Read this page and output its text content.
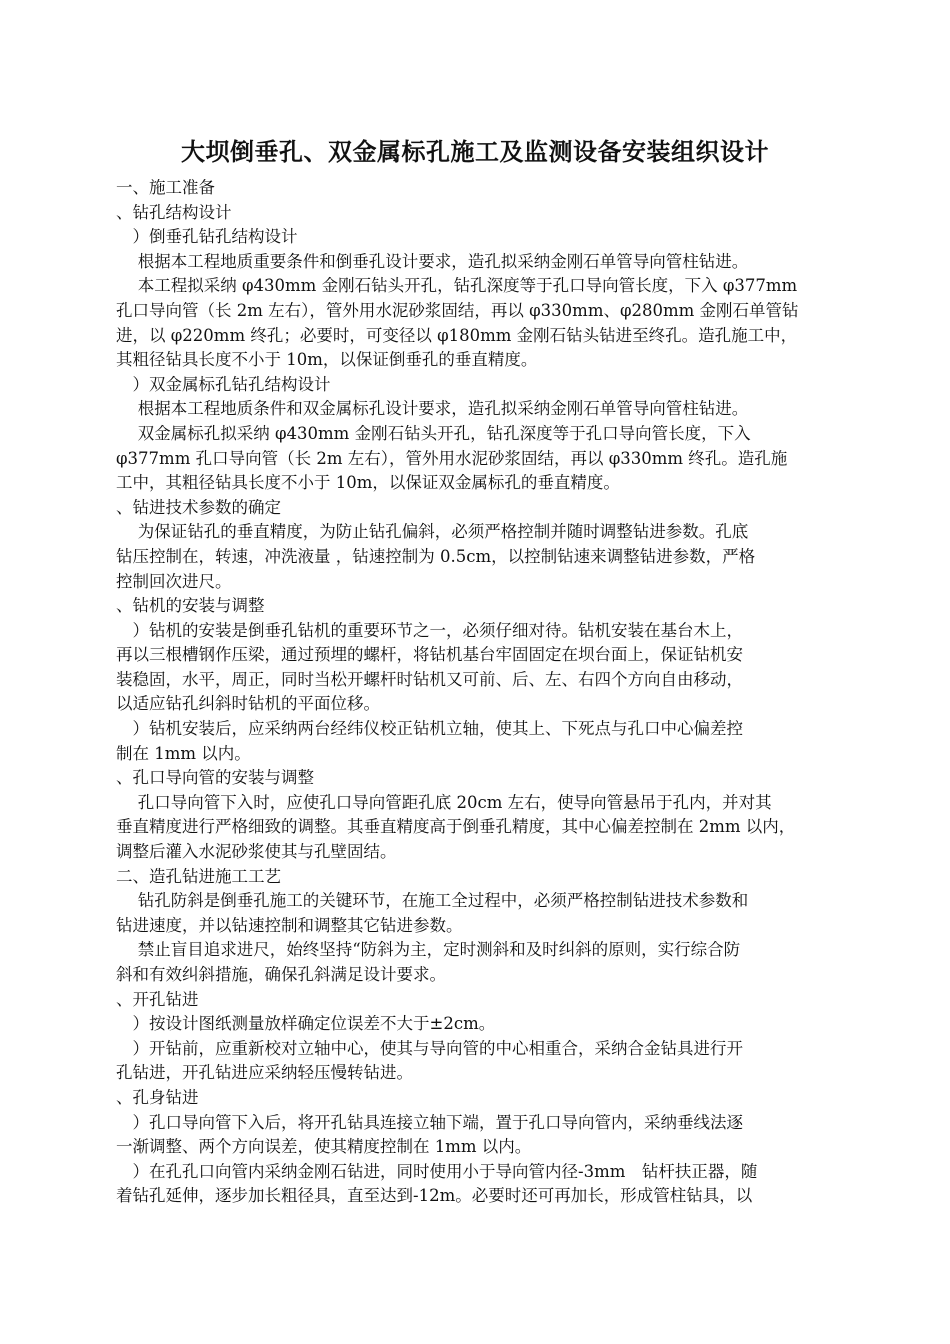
大坝倒垂孔、双金属标孔施工及监测设备安装组织设计
一、施工准备
、钻孔结构设计
　）倒垂孔钻孔结构设计
　 根据本工程地质重要条件和倒垂孔设计要求，造孔拟采纳金刚石单管导向管柱钻进。
　 本工程拟采纳 φ430mm 金刚石钻头开孔，钻孔深度等于孔口导向管长度，下入 φ377mm
孔口导向管（长 2m 左右），管外用水泥砂浆固结，再以 φ330mm、φ280mm 金刚石单管钻
进，以 φ220mm 终孔；必要时，可变径以 φ180mm 金刚石钻头钻进至终孔。造孔施工中，
其粗径钻具长度不小于 10m，以保证倒垂孔的垂直精度。
　）双金属标孔钻孔结构设计
　 根据本工程地质条件和双金属标孔设计要求，造孔拟采纳金刚石单管导向管柱钻进。
　 双金属标孔拟采纳 φ430mm 金刚石钻头开孔，钻孔深度等于孔口导向管长度，下入
φ377mm 孔口导向管（长 2m 左右），管外用水泥砂浆固结，再以 φ330mm 终孔。造孔施
工中，其粗径钻具长度不小于 10m，以保证双金属标孔的垂直精度。
、钻进技术参数的确定
　 为保证钻孔的垂直精度，为防止钻孔偏斜，必须严格控制并随时调整钻进参数。孔底
钻压控制在，转速，冲洗液量 ，钻速控制为 0.5cm，以控制钻速来调整钻进参数，严格
控制回次进尺。
、钻机的安装与调整
　）钻机的安装是倒垂孔钻机的重要环节之一，必须仔细对待。钻机安装在基台木上，
再以三根槽钢作压梁，通过预埋的螺杆，将钻机基台牢固固定在坝台面上，保证钻机安
装稳固，水平，周正，同时当松开螺杆时钻机又可前、后、左、右四个方向自由移动，
以适应钻孔纠斜时钻机的平面位移。
　）钻机安装后，应采纳两台经纬仪校正钻机立轴，使其上、下死点与孔口中心偏差控
制在 1mm 以内。
、孔口导向管的安装与调整
　 孔口导向管下入时，应使孔口导向管距孔底 20cm 左右，使导向管悬吊于孔内，并对其
垂直精度进行严格细致的调整。其垂直精度高于倒垂孔精度，其中心偏差控制在 2mm 以内，
调整后灌入水泥砂浆使其与孔壁固结。
二、造孔钻进施工工艺
　 钻孔防斜是倒垂孔施工的关键环节，在施工全过程中，必须严格控制钻进技术参数和
钻进速度，并以钻速控制和调整其它钻进参数。
　 禁止盲目追求进尺，始终坚持“防斜为主，定时测斜和及时纠斜的原则，实行综合防
斜和有效纠斜措施，确保孔斜满足设计要求。
、开孔钻进
　）按设计图纸测量放样确定位误差不大于±2cm。
　）开钻前，应重新校对立轴中心，使其与导向管的中心相重合，采纳合金钻具进行开
孔钻进，开孔钻进应采纳轻压慢转钻进。
、孔身钻进
　）孔口导向管下入后，将开孔钻具连接立轴下端，置于孔口导向管内，采纳垂线法逐
一渐调整、两个方向误差，使其精度控制在 1mm 以内。
　）在孔孔口向管内采纳金刚石钻进，同时使用小于导向管内径-3mm　钻杆扶正器，随
着钻孔延伸，逐步加长粗径具，直至达到-12m。必要时还可再加长，形成管柱钻具，以
